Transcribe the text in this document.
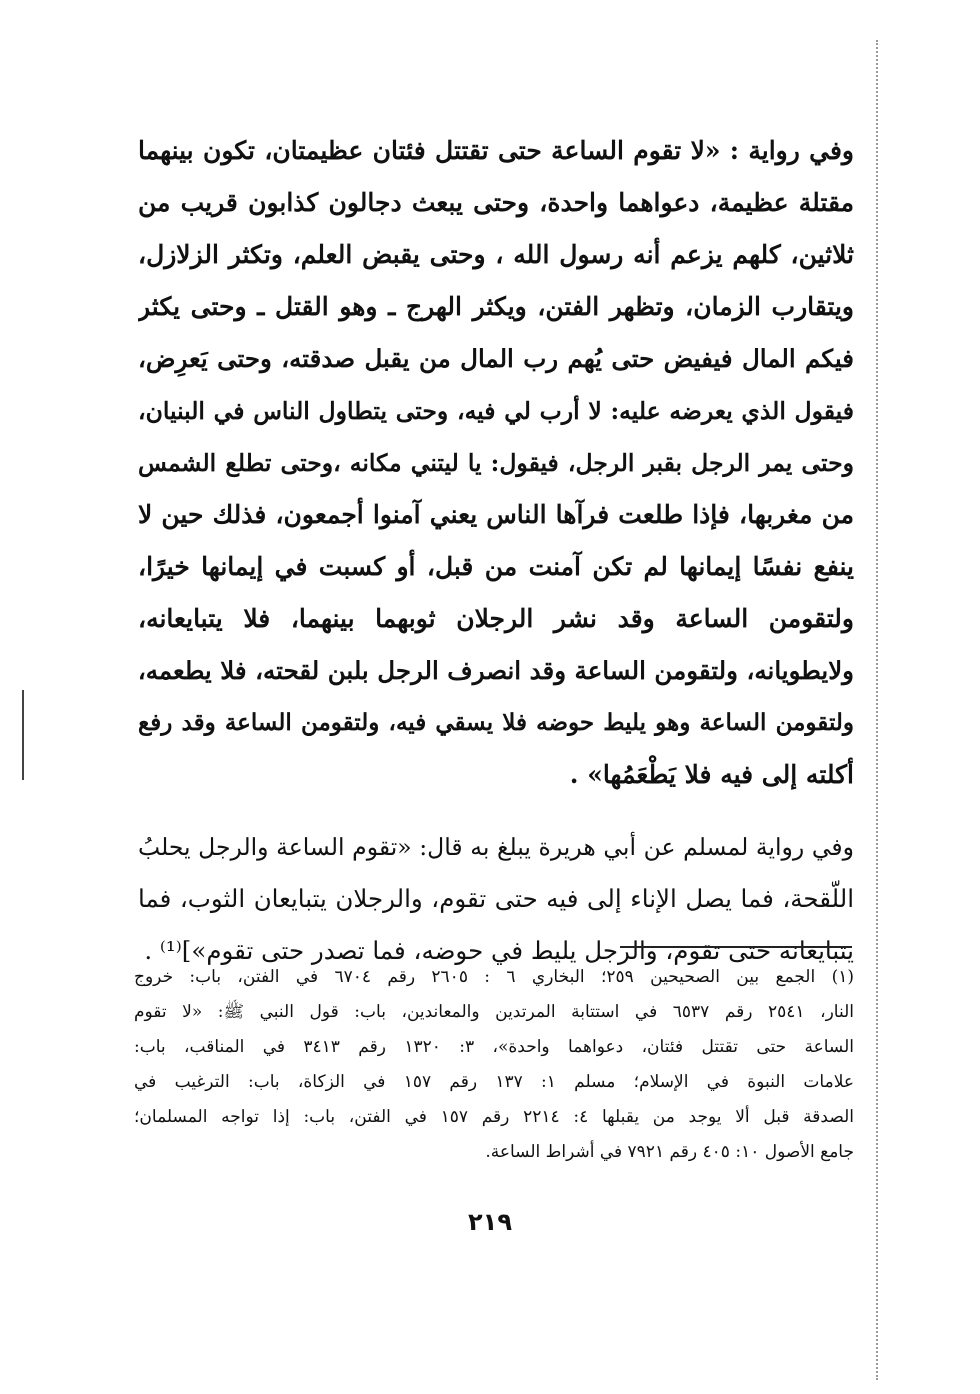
وفي رواية : «لا تقوم الساعة حتى تقتتل فئتان عظيمتان، تكون بينهما
مقتلة عظيمة، دعواهما واحدة، وحتى يبعث دجالون كذابون قريب من
ثلاثين، كلهم يزعم أنه رسول الله ، وحتى يقبض العلم، وتكثر الزلازل،
ويتقارب الزمان، وتظهر الفتن، ويكثر الهرج ـ وهو القتل ـ وحتى يكثر
فيكم المال فيفيض حتى يُهم رب المال من يقبل صدقته، وحتى يَعرِض،
فيقول الذي يعرضه عليه: لا أرب لي فيه، وحتى يتطاول الناس في البنيان،
وحتى يمر الرجل بقبر الرجل، فيقول: يا ليتني مكانه ،وحتى تطلع الشمس
من مغربها، فإذا طلعت فرآها الناس يعني آمنوا أجمعون، فذلك حين لا
ينفع نفسًا إيمانها لم تكن آمنت من قبل، أو كسبت في إيمانها خيرًا،
ولتقومن الساعة وقد نشر الرجلان ثوبهما بينهما، فلا يتبايعانه،
ولايطويانه، ولتقومن الساعة وقد انصرف الرجل بلبن لقحته، فلا يطعمه،
ولتقومن الساعة وهو يليط حوضه فلا يسقي فيه، ولتقومن الساعة وقد رفع
أكلته إلى فيه فلا يَطْعَمُها» .
وفي رواية لمسلم عن أبي هريرة يبلغ به قال: «تقوم الساعة والرجل يحلبُ
اللّقحة، فما يصل الإناء إلى فيه حتى تقوم، والرجلان يتبايعان الثوب، فما
يتبايعانه حتى تقوم، والرجل يليط في حوضه، فما تصدر حتى تقوم»]⁽¹⁾ .
(١) الجمع بين الصحيحين ٢٥٩؛ البخاري ٦ : ٢٦٠٥ رقم ٦٧٠٤ في الفتن، باب: خروج
النار، ٢٥٤١ رقم ٦٥٣٧ في استتابة المرتدين والمعاندين، باب: قول النبي ﷺ: «لا تقوم
الساعة حتى تقتتل فئتان، دعواهما واحدة»، ٣: ١٣٢٠ رقم ٣٤١٣ في المناقب، باب:
علامات النبوة في الإسلام؛ مسلم ١: ١٣٧ رقم ١٥٧ في الزكاة، باب: الترغيب في
الصدقة قبل ألا يوجد من يقبلها ٤: ٢٢١٤ رقم ١٥٧ في الفتن، باب: إذا تواجه المسلمان؛
جامع الأصول ١٠: ٤٠٥ رقم ٧٩٢١ في أشراط الساعة.
٢١٩
